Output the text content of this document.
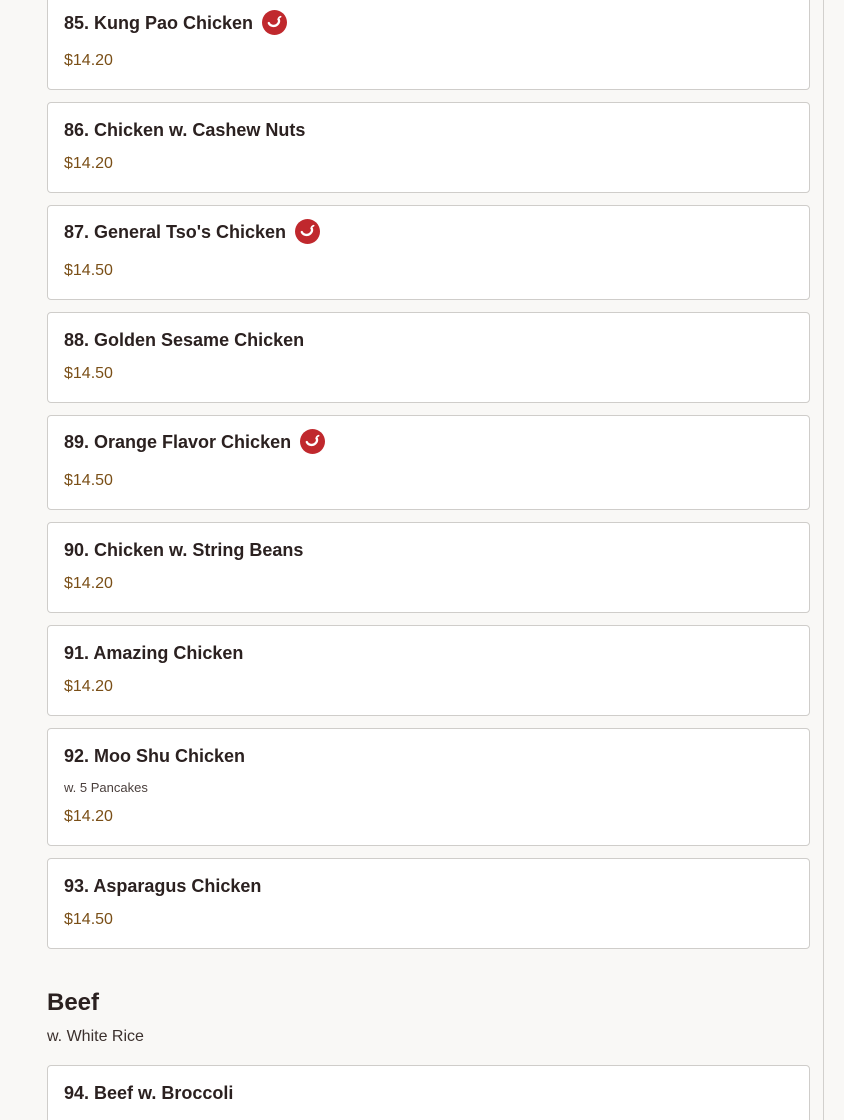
85. Kung Pao Chicken
$14.20
86. Chicken w. Cashew Nuts
$14.20
87. General Tso's Chicken
$14.50
88. Golden Sesame Chicken
$14.50
89. Orange Flavor Chicken
$14.50
90. Chicken w. String Beans
$14.20
91. Amazing Chicken
$14.20
92. Moo Shu Chicken
w. 5 Pancakes
$14.20
93. Asparagus Chicken
$14.50
Beef
w. White Rice
94. Beef w. Broccoli
